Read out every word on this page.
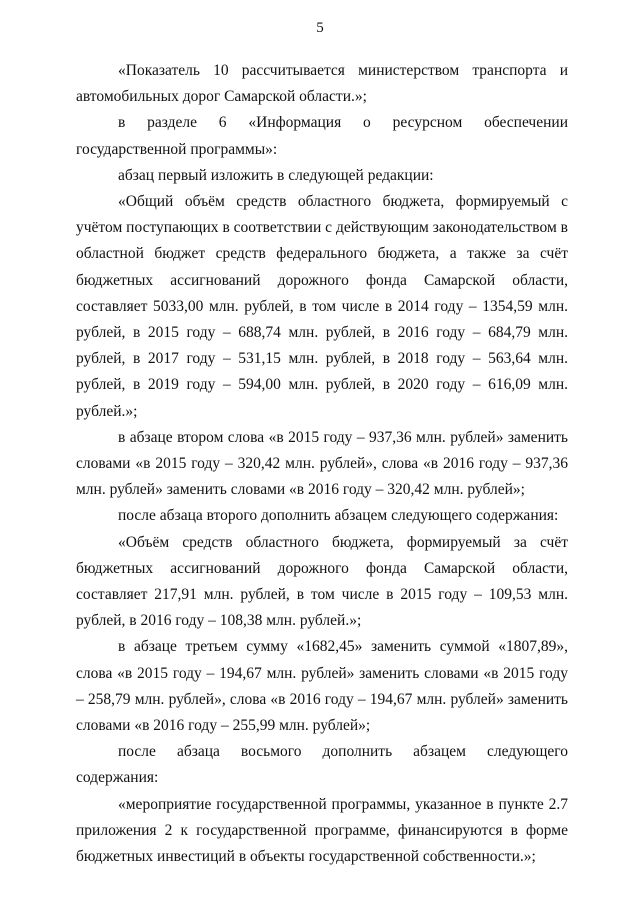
5

«Показатель 10 рассчитывается министерством транспорта и автомобильных дорог Самарской области.»;

в разделе 6 «Информация о ресурсном обеспечении государственной программы»:

абзац первый изложить в следующей редакции:

«Общий объём средств областного бюджета, формируемый с учётом поступающих в соответствии с действующим законодательством в областной бюджет средств федерального бюджета, а также за счёт бюджетных ассигнований дорожного фонда Самарской области, составляет 5033,00 млн. рублей, в том числе в 2014 году – 1354,59 млн. рублей, в 2015 году – 688,74 млн. рублей, в 2016 году – 684,79 млн. рублей, в 2017 году – 531,15 млн. рублей, в 2018 году – 563,64 млн. рублей, в 2019 году – 594,00 млн. рублей, в 2020 году – 616,09 млн. рублей.»;

в абзаце втором слова «в 2015 году – 937,36 млн. рублей» заменить словами «в 2015 году – 320,42 млн. рублей», слова «в 2016 году – 937,36 млн. рублей» заменить словами «в 2016 году – 320,42 млн. рублей»;

после абзаца второго дополнить абзацем следующего содержания:

«Объём средств областного бюджета, формируемый за счёт бюджетных ассигнований дорожного фонда Самарской области, составляет 217,91 млн. рублей, в том числе в 2015 году – 109,53 млн. рублей, в 2016 году – 108,38 млн. рублей.»;

в абзаце третьем сумму «1682,45» заменить суммой «1807,89», слова «в 2015 году – 194,67 млн. рублей» заменить словами «в 2015 году – 258,79 млн. рублей», слова «в 2016 году – 194,67 млн. рублей» заменить словами «в 2016 году – 255,99 млн. рублей»;

после абзаца восьмого дополнить абзацем следующего содержания:

«мероприятие государственной программы, указанное в пункте 2.7 приложения 2 к государственной программе, финансируются в форме бюджетных инвестиций в объекты государственной собственности.»;
